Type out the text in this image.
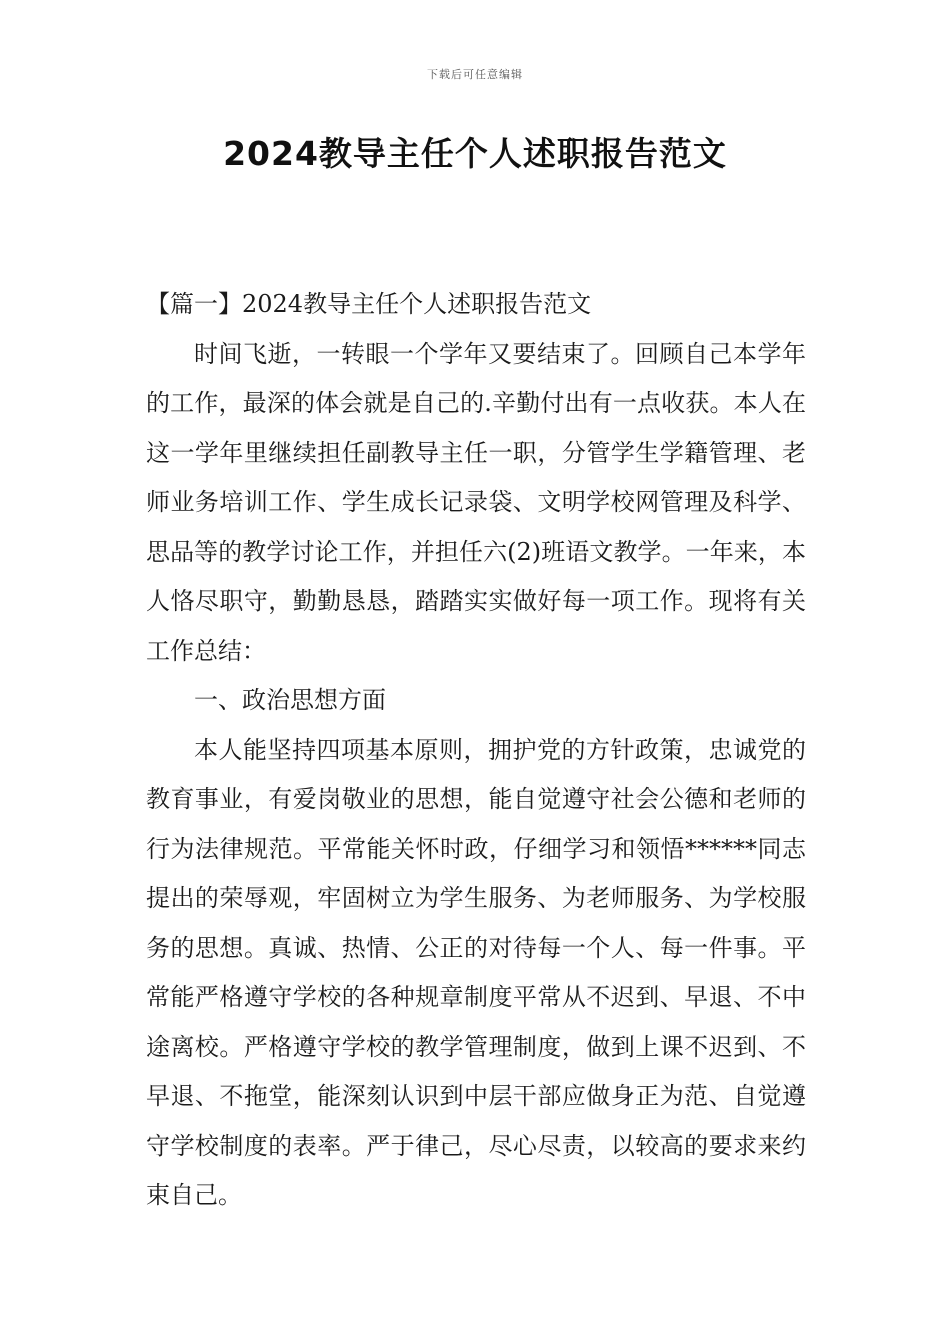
下载后可任意编辑
2024教导主任个人述职报告范文

【篇一】2024教导主任个人述职报告范文

时间飞逝，一转眼一个学年又要结束了。回顾自己本学年的工作，最深的体会就是自己的.辛勤付出有一点收获。本人在这一学年里继续担任副教导主任一职，分管学生学籍管理、老师业务培训工作、学生成长记录袋、文明学校网管理及科学、思品等的教学讨论工作，并担任六(2)班语文教学。一年来，本人恪尽职守，勤勤恳恳，踏踏实实做好每一项工作。现将有关工作总结：

一、政治思想方面

本人能坚持四项基本原则，拥护党的方针政策，忠诚党的教育事业，有爱岗敬业的思想，能自觉遵守社会公德和老师的行为法律规范。平常能关怀时政，仔细学习和领悟******同志提出的荣辱观，牢固树立为学生服务、为老师服务、为学校服务的思想。真诚、热情、公正的对待每一个人、每一件事。平常能严格遵守学校的各种规章制度平常从不迟到、早退、不中途离校。严格遵守学校的教学管理制度，做到上课不迟到、不早退、不拖堂，能深刻认识到中层干部应做身正为范、自觉遵守学校制度的表率。严于律己，尽心尽责，以较高的要求来约束自己。
